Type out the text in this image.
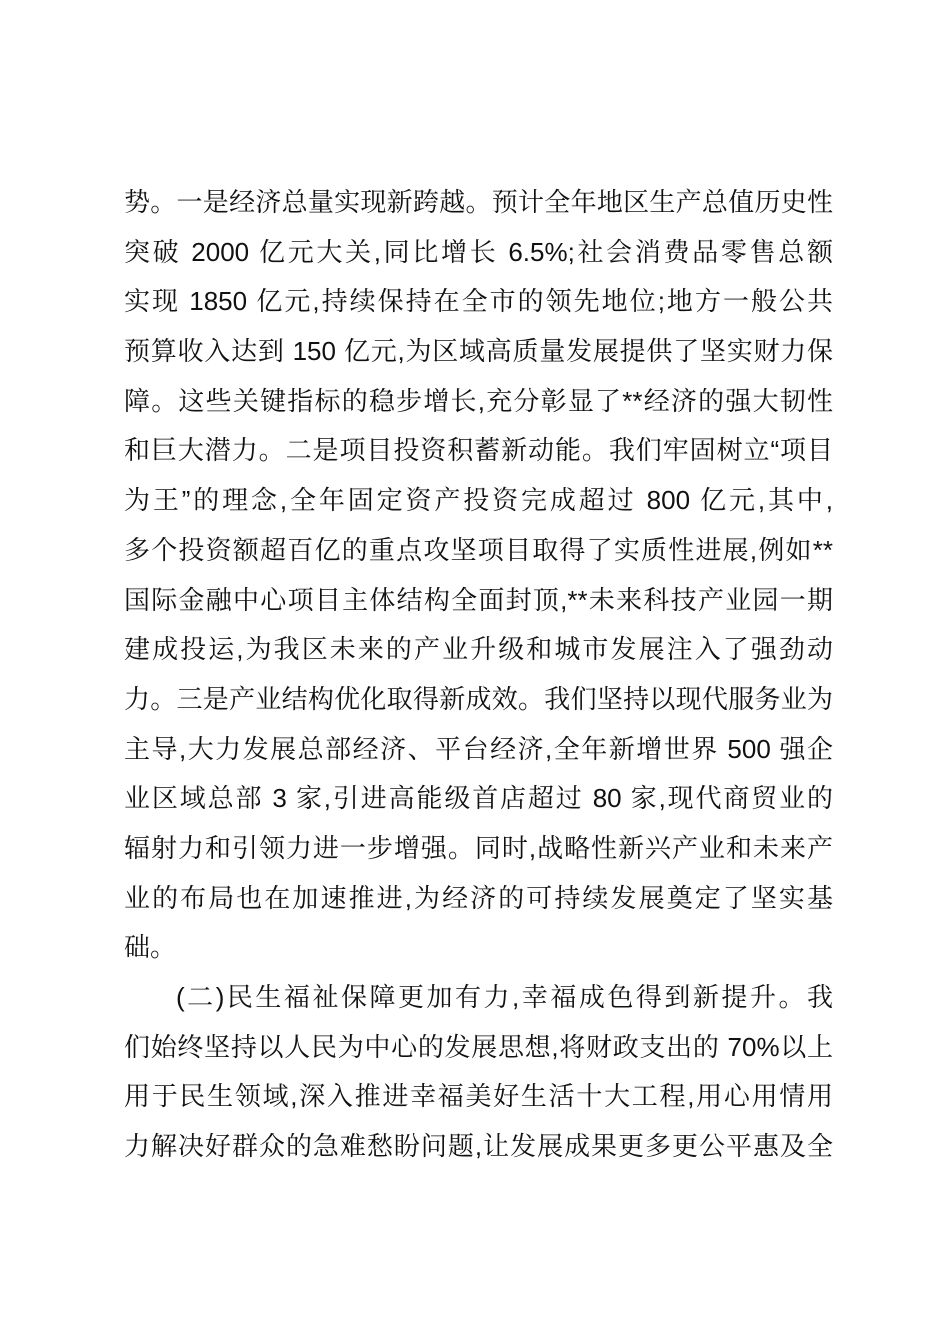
势。一是经济总量实现新跨越。预计全年地区生产总值历史性
突破 2000 亿元大关,同比增长 6.5%;社会消费品零售总额
实现 1850 亿元,持续保持在全市的领先地位;地方一般公共
预算收入达到 150 亿元,为区域高质量发展提供了坚实财力保
障。这些关键指标的稳步增长,充分彰显了**经济的强大韧性
和巨大潜力。二是项目投资积蓄新动能。我们牢固树立“项目
为王”的理念,全年固定资产投资完成超过 800 亿元,其中,
多个投资额超百亿的重点攻坚项目取得了实质性进展,例如**
国际金融中心项目主体结构全面封顶,**未来科技产业园一期
建成投运,为我区未来的产业升级和城市发展注入了强劲动
力。三是产业结构优化取得新成效。我们坚持以现代服务业为
主导,大力发展总部经济、平台经济,全年新增世界 500 强企
业区域总部 3 家,引进高能级首店超过 80 家,现代商贸业的
辐射力和引领力进一步增强。同时,战略性新兴产业和未来产
业的布局也在加速推进,为经济的可持续发展奠定了坚实基
础。
(二)民生福祉保障更加有力,幸福成色得到新提升。我
们始终坚持以人民为中心的发展思想,将财政支出的 70%以上
用于民生领域,深入推进幸福美好生活十大工程,用心用情用
力解决好群众的急难愁盼问题,让发展成果更多更公平惠及全
